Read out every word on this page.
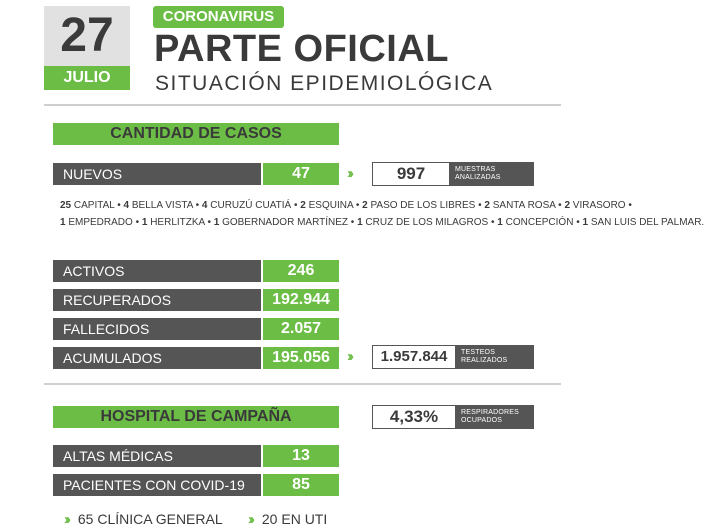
27
JULIO
CORONAVIRUS
PARTE OFICIAL
SITUACIÓN EPIDEMIOLÓGICA
CANTIDAD DE CASOS
NUEVOS	47	››	997	MUESTRAS
ANALIZADAS
25 CAPITAL • 4 BELLA VISTA • 4 CURUZÚ CUATIÁ • 2 ESQUINA • 2 PASO DE LOS LIBRES • 2 SANTA ROSA • 2 VIRASORO •
1 EMPEDRADO • 1 HERLITZKA • 1 GOBERNADOR MARTÍNEZ • 1 CRUZ DE LOS MILAGROS • 1 CONCEPCIÓN • 1 SAN LUIS DEL PALMAR.
ACTIVOS	246
RECUPERADOS	192.944
FALLECIDOS	2.057
ACUMULADOS	195.056	››	1.957.844	TESTEOS
REALIZADOS
HOSPITAL DE CAMPAÑA	4,33%	RESPIRADORES
OCUPADOS
ALTAS MÉDICAS	13
PACIENTES CON COVID-19	85
›› 65 CLÍNICA GENERAL ›› 20 EN UTI
